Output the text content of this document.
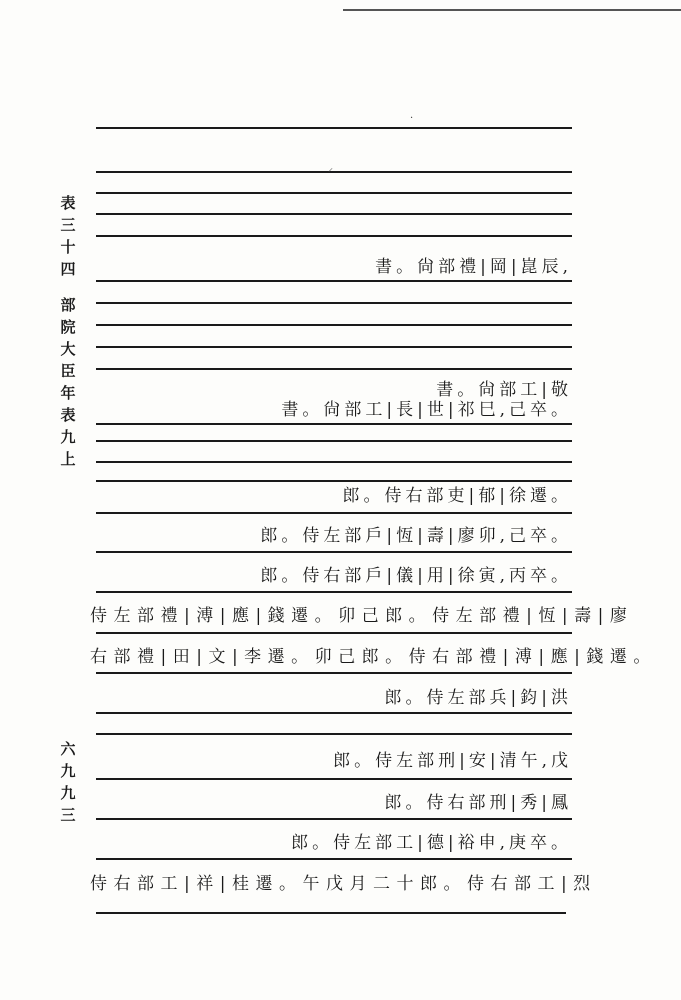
表
三
十
四
部
院
大
臣
年
表
九
上
六
九
九
三
·
⸝
書。尙部禮|岡|崑辰,
書。尙部工|敬
書。尙部工|長|世|祁巳,己卒。
郎。侍右部吏|郁|徐遷。
郎。侍左部戶|恆|壽|廖卯,己卒。
郎。侍右部戶|儀|用|徐寅,丙卒。
侍左部禮|溥|應|錢遷。卯己郎。侍左部禮|恆|壽|廖
右部禮|田|文|李遷。卯己郎。侍右部禮|溥|應|錢遷。
郎。侍左部兵|鈞|洪
郎。侍左部刑|安|清午,戊
郎。侍右部刑|秀|鳳
郎。侍左部工|德|裕申,庚卒。
侍右部工|祥|桂遷。午戊月二十郎。侍右部工|烈
